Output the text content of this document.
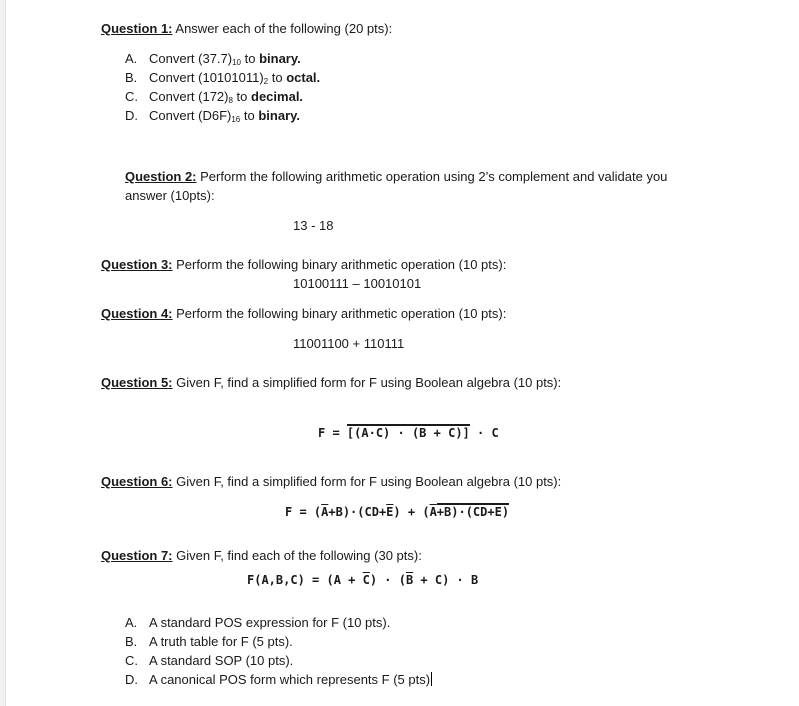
Question 1: Answer each of the following (20 pts):
A. Convert $(37.7)_{10}$ to binary.
B. Convert $(10101011)_2$ to octal.
C. Convert $(172)_8$ to decimal.
D. Convert $(D6F)_{16}$ to binary.
Question 2: Perform the following arithmetic operation using 2’s complement and validate you
answer (10pts):
13 - 18
Question 3: Perform the following binary arithmetic operation (10 pts):
10100111 – 10010101
Question 4: Perform the following binary arithmetic operation (10 pts):
11001100 + 110111
Question 5: Given F, find a simplified form for F using Boolean algebra (10 pts):
$F = [(\overline{A}\cdot C) \cdot (B + \overline{C})] \cdot C$
Question 6: Given F, find a simplified form for F using Boolean algebra (10 pts):
$F = (\overline{A}+B)\cdot(CD+\overline{E}) + (\overline{A}+B)\cdot(CD+\overline{E})$
Question 7: Given F, find each of the following (30 pts):
$F(A,B,C) = (A + \overline{C}) \cdot (\overline{B} + C) \cdot B$
A. A standard POS expression for F (10 pts).
B. A truth table for F (5 pts).
C. A standard SOP (10 pts).
D. A canonical POS form which represents F (5 pts)
